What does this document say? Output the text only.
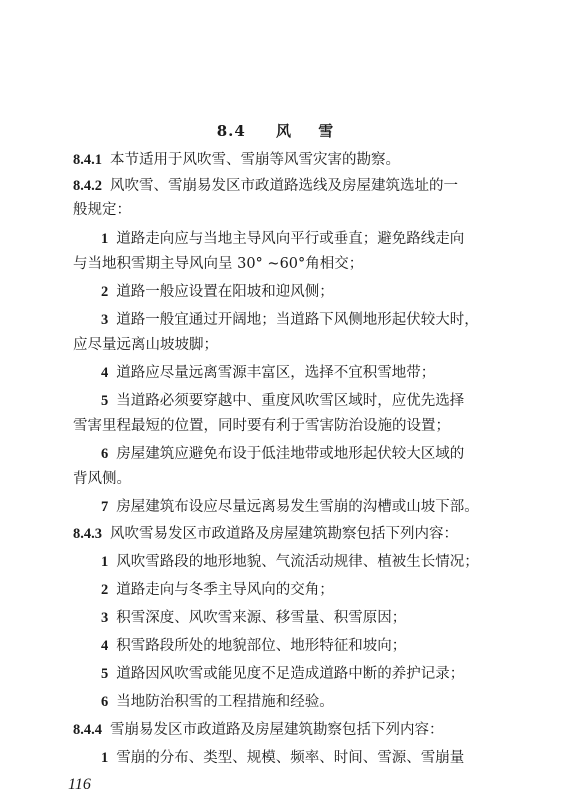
8.4 风 雪
8.4.1 本节适用于风吹雪、雪崩等风雪灾害的勘察。
8.4.2 风吹雪、雪崩易发区市政道路选线及房屋建筑选址的一
般规定：
1 道路走向应与当地主导风向平行或垂直；避免路线走向
与当地积雪期主导风向呈 30° ~60°角相交；
2 道路一般应设置在阳坡和迎风侧；
3 道路一般宜通过开阔地；当道路下风侧地形起伏较大时，
应尽量远离山坡坡脚；
4 道路应尽量远离雪源丰富区，选择不宜积雪地带；
5 当道路必须要穿越中、重度风吹雪区域时，应优先选择
雪害里程最短的位置，同时要有利于雪害防治设施的设置；
6 房屋建筑应避免布设于低洼地带或地形起伏较大区域的
背风侧。
7 房屋建筑布设应尽量远离易发生雪崩的沟槽或山坡下部。
8.4.3 风吹雪易发区市政道路及房屋建筑勘察包括下列内容：
1 风吹雪路段的地形地貌、气流活动规律、植被生长情况；
2 道路走向与冬季主导风向的交角；
3 积雪深度、风吹雪来源、移雪量、积雪原因；
4 积雪路段所处的地貌部位、地形特征和坡向；
5 道路因风吹雪或能见度不足造成道路中断的养护记录；
6 当地防治积雪的工程措施和经验。
8.4.4 雪崩易发区市政道路及房屋建筑勘察包括下列内容：
1 雪崩的分布、类型、规模、频率、时间、雪源、雪崩量
116
